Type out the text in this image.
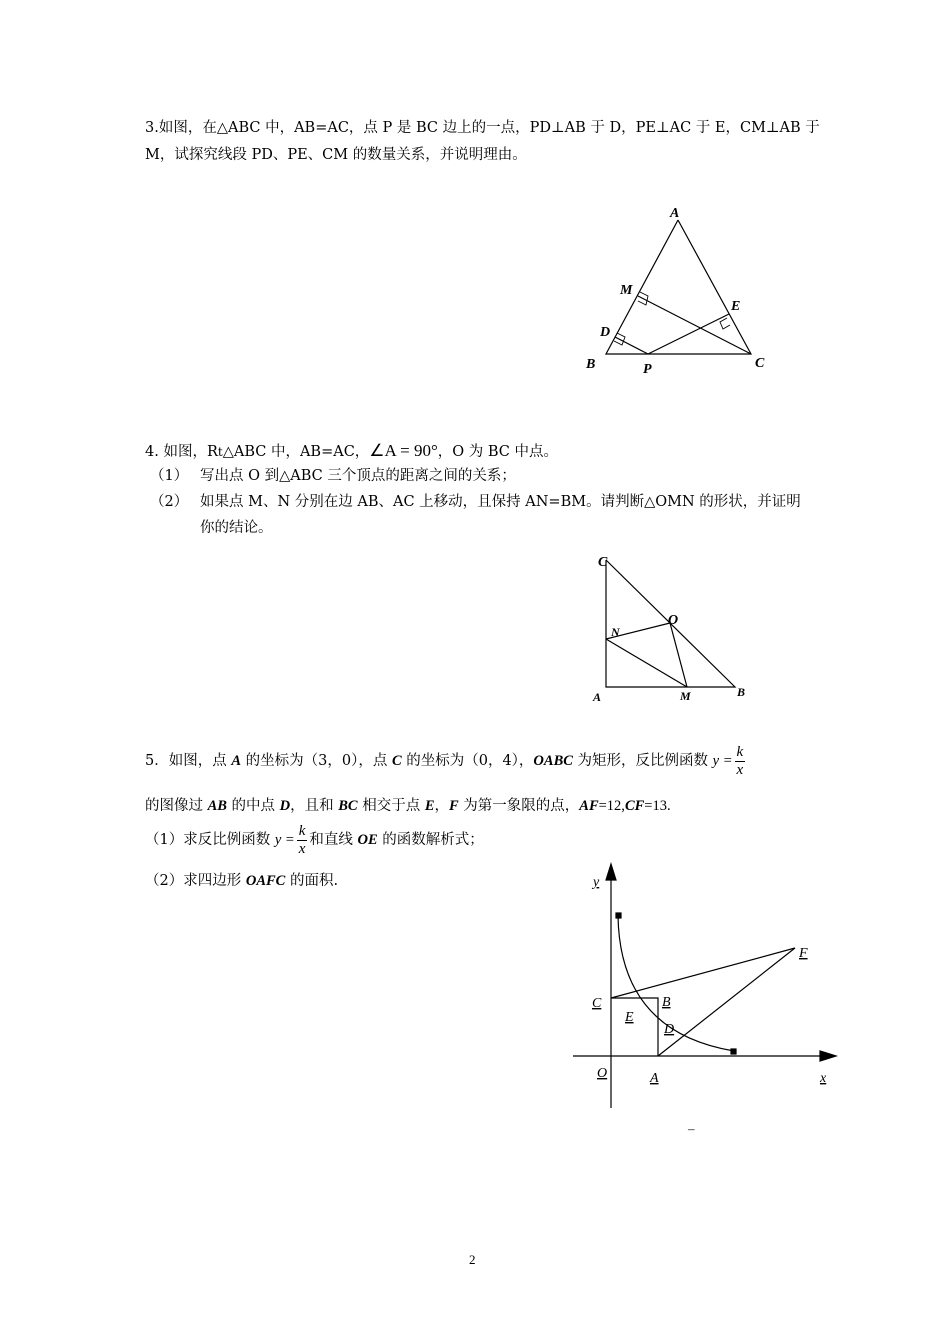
3.如图，在△ABC 中，AB=AC，点 P 是 BC 边上的一点，PD⊥AB 于 D，PE⊥AC 于 E，CM⊥AB 于
M，试探究线段 PD、PE、CM 的数量关系，并说明理由。
A
M
E
D
B	P	C
4. 如图，Rt△ABC 中，AB=AC，∠A = 90°，O 为 BC 中点。
（1） 写出点 O 到△ABC 三个顶点的距离之间的关系；
（2） 如果点 M、N 分别在边 AB、AC 上移动，且保持 AN=BM。请判断△OMN 的形状，并证明
你的结论。
C
O
N
A	M	B
5．如图，点 A 的坐标为（3，0），点 C 的坐标为（0，4），OABC 为矩形，反比例函数 $y = \frac{k}{x}$
的图像过 AB 的中点 D，且和 BC 相交于点 E，F 为第一象限的点，AF=12,CF=13.
（1）求反比例函数 $y = \frac{k}{x}$ 和直线 OE 的函数解析式；
（2）求四边形 OAFC 的面积.	y
F
C	B
E
D
O	A	x
–
2
